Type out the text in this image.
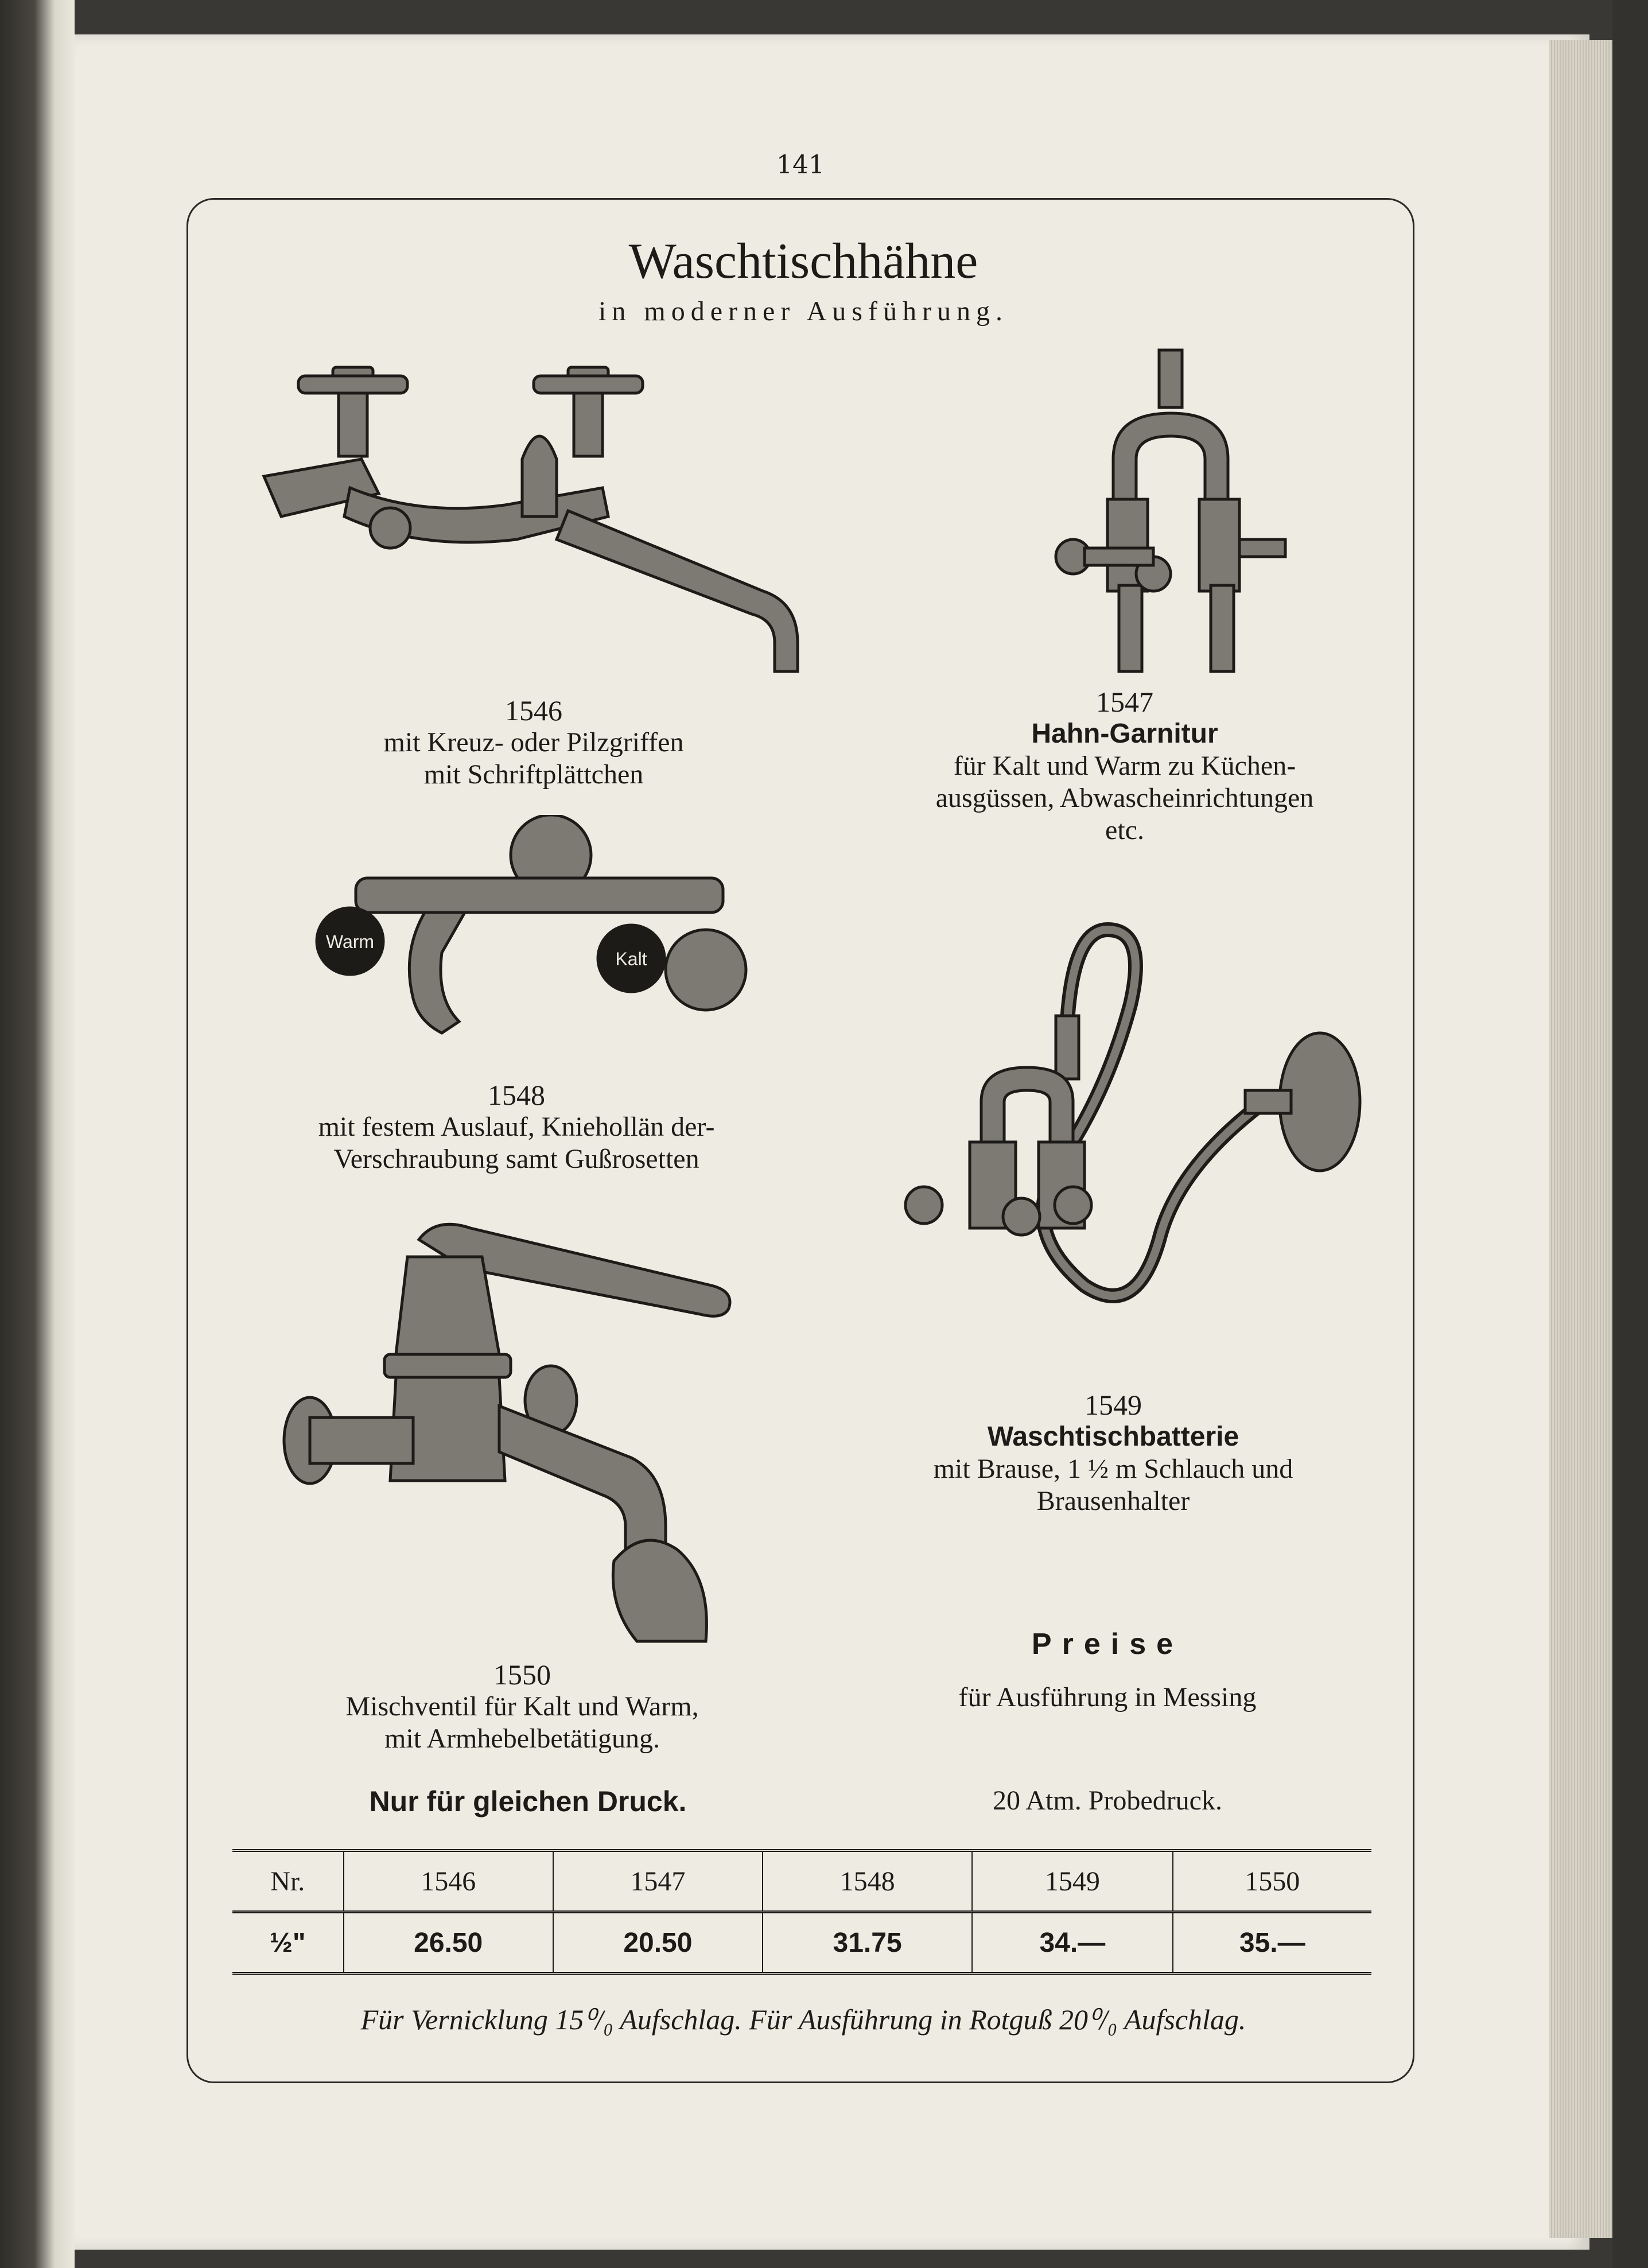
141
Waschtischhähne
in moderner Ausführung.
Warm
Kalt
1546
mit Kreuz- oder Pilzgriffen
mit Schriftplättchen
1547
Hahn-Garnitur
für Kalt und Warm zu Küchen-
ausgüssen, Abwascheinrichtungen
etc.
1548
mit festem Auslauf, Kniehollän der-
Verschraubung samt Gußrosetten
1549
Waschtischbatterie
mit Brause, 1 ½ m Schlauch und
Brausenhalter
1550
Mischventil für Kalt und Warm,
mit Armhebelbetätigung.
Nur für gleichen Druck.
Preise
für Ausführung in Messing
20 Atm. Probedruck.
Nr.	1546	1547	1548	1549	1550
½"	26.50	20.50	31.75	34.—	35.—
Für Vernicklung 15⁰/₀ Aufschlag. Für Ausführung in Rotguß 20⁰/₀ Aufschlag.
